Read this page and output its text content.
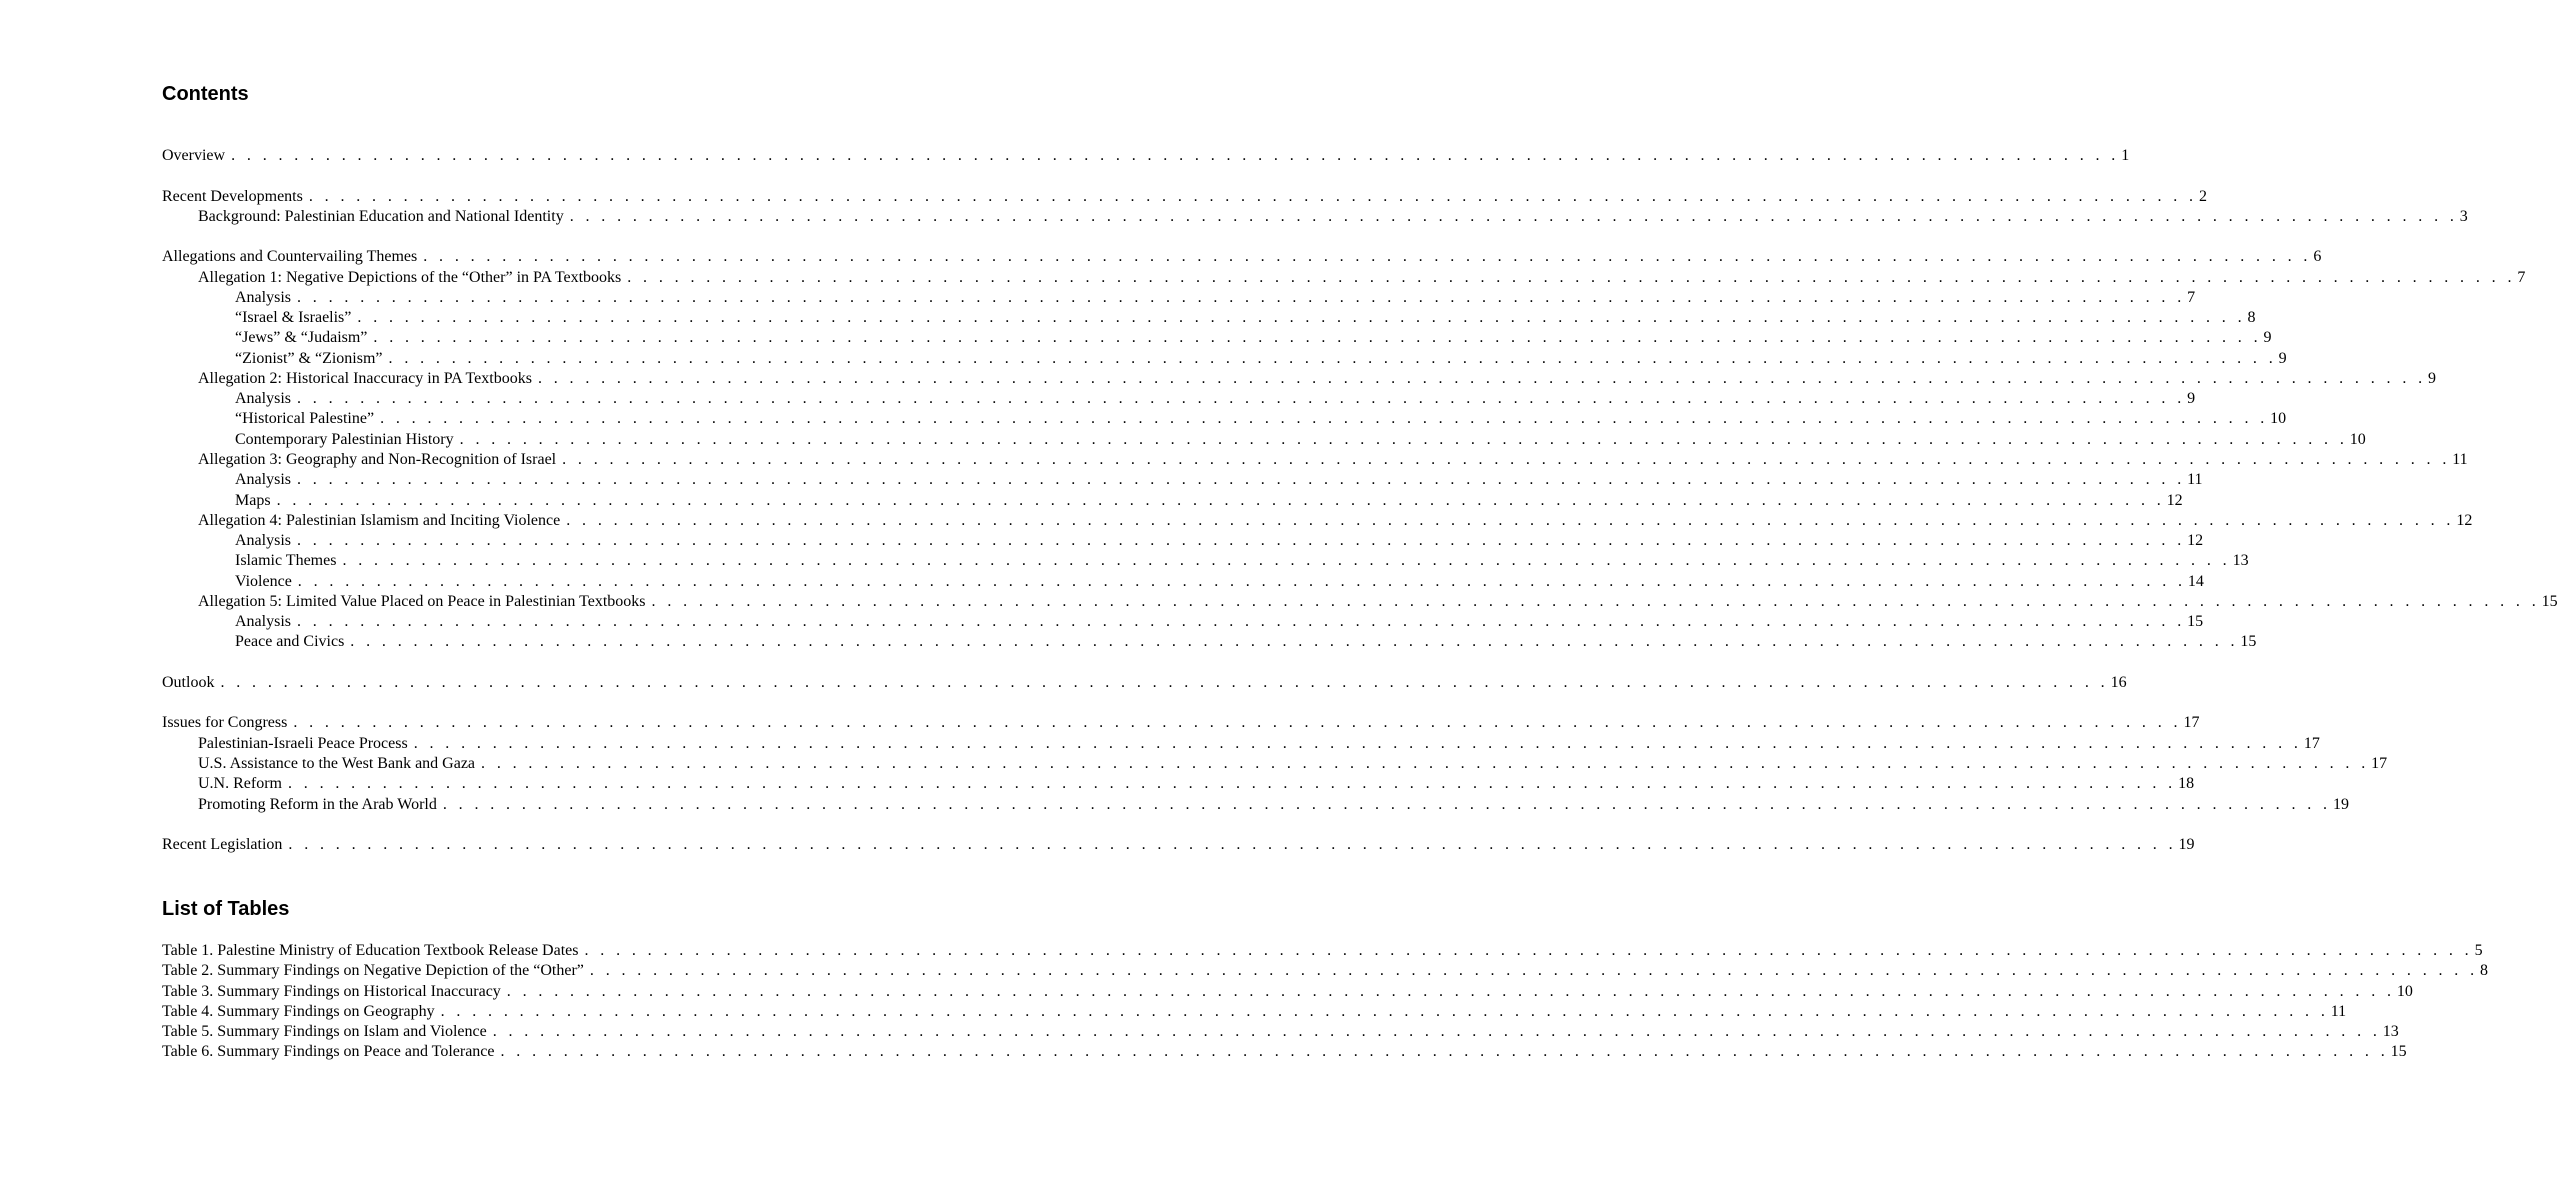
Contents
Overview . . . . . . . . . . . . . . . . . . . . . . . . . . . . . . . . . . . . . . . . . . . . . . . . . . . . . . . . . . . . . . . . . . . . . . . . . . . . . . . . . . . . . . . . . . . . . . . . . . . . . . . . . . . . . . . . . . . . . . . . 1
Recent Developments . . . . . . . . . . . . . . . . . . . . . . . . . . . . . . . . . . . . . . . . . . . . . . . . . . . . . . . . . . . . . . . . . . . . . . . . . . . . . . . . . . . . . . . . . . . . . . . . . . . . . . . . . . . . . . . . . . . . . . . . 2
Background: Palestinian Education and National Identity . . . . . . . . . . . . . . . . . . . . . . . . . . . . . . . . . . . . . . . . . . . . . . . . . . . . . . . . . . . . . . . . . . . . . . . . . . . . . . . . . . . . . . . . . . . . . . . . . . . . . . . . . . . . . . . . . . . . . . . . 3
Allegations and Countervailing Themes . . . . . . . . . . . . . . . . . . . . . . . . . . . . . . . . . . . . . . . . . . . . . . . . . . . . . . . . . . . . . . . . . . . . . . . . . . . . . . . . . . . . . . . . . . . . . . . . . . . . . . . . . . . . . . . . . . . . . . . . 6
Allegation 1: Negative Depictions of the “Other” in PA Textbooks . . . . . . . . . . . . . . . . . . . . . . . . . . . . . . . . . . . . . . . . . . . . . . . . . . . . . . . . . . . . . . . . . . . . . . . . . . . . . . . . . . . . . . . . . . . . . . . . . . . . . . . . . . . . . . . . . . . . . . . . 7
Analysis . . . . . . . . . . . . . . . . . . . . . . . . . . . . . . . . . . . . . . . . . . . . . . . . . . . . . . . . . . . . . . . . . . . . . . . . . . . . . . . . . . . . . . . . . . . . . . . . . . . . . . . . . . . . . . . . . . . . . . . . 7
“Israel & Israelis” . . . . . . . . . . . . . . . . . . . . . . . . . . . . . . . . . . . . . . . . . . . . . . . . . . . . . . . . . . . . . . . . . . . . . . . . . . . . . . . . . . . . . . . . . . . . . . . . . . . . . . . . . . . . . . . . . . . . . . . . 8
“Jews” & “Judaism” . . . . . . . . . . . . . . . . . . . . . . . . . . . . . . . . . . . . . . . . . . . . . . . . . . . . . . . . . . . . . . . . . . . . . . . . . . . . . . . . . . . . . . . . . . . . . . . . . . . . . . . . . . . . . . . . . . . . . . . . 9
“Zionist” & “Zionism” . . . . . . . . . . . . . . . . . . . . . . . . . . . . . . . . . . . . . . . . . . . . . . . . . . . . . . . . . . . . . . . . . . . . . . . . . . . . . . . . . . . . . . . . . . . . . . . . . . . . . . . . . . . . . . . . . . . . . . . . 9
Allegation 2: Historical Inaccuracy in PA Textbooks . . . . . . . . . . . . . . . . . . . . . . . . . . . . . . . . . . . . . . . . . . . . . . . . . . . . . . . . . . . . . . . . . . . . . . . . . . . . . . . . . . . . . . . . . . . . . . . . . . . . . . . . . . . . . . . . . . . . . . . . 9
Analysis . . . . . . . . . . . . . . . . . . . . . . . . . . . . . . . . . . . . . . . . . . . . . . . . . . . . . . . . . . . . . . . . . . . . . . . . . . . . . . . . . . . . . . . . . . . . . . . . . . . . . . . . . . . . . . . . . . . . . . . . 9
“Historical Palestine” . . . . . . . . . . . . . . . . . . . . . . . . . . . . . . . . . . . . . . . . . . . . . . . . . . . . . . . . . . . . . . . . . . . . . . . . . . . . . . . . . . . . . . . . . . . . . . . . . . . . . . . . . . . . . . . . . . . . . . . . 10
Contemporary Palestinian History . . . . . . . . . . . . . . . . . . . . . . . . . . . . . . . . . . . . . . . . . . . . . . . . . . . . . . . . . . . . . . . . . . . . . . . . . . . . . . . . . . . . . . . . . . . . . . . . . . . . . . . . . . . . . . . . . . . . . . . . 10
Allegation 3: Geography and Non-Recognition of Israel . . . . . . . . . . . . . . . . . . . . . . . . . . . . . . . . . . . . . . . . . . . . . . . . . . . . . . . . . . . . . . . . . . . . . . . . . . . . . . . . . . . . . . . . . . . . . . . . . . . . . . . . . . . . . . . . . . . . . . . . 11
Analysis . . . . . . . . . . . . . . . . . . . . . . . . . . . . . . . . . . . . . . . . . . . . . . . . . . . . . . . . . . . . . . . . . . . . . . . . . . . . . . . . . . . . . . . . . . . . . . . . . . . . . . . . . . . . . . . . . . . . . . . . 11
Maps . . . . . . . . . . . . . . . . . . . . . . . . . . . . . . . . . . . . . . . . . . . . . . . . . . . . . . . . . . . . . . . . . . . . . . . . . . . . . . . . . . . . . . . . . . . . . . . . . . . . . . . . . . . . . . . . . . . . . . . . 12
Allegation 4: Palestinian Islamism and Inciting Violence . . . . . . . . . . . . . . . . . . . . . . . . . . . . . . . . . . . . . . . . . . . . . . . . . . . . . . . . . . . . . . . . . . . . . . . . . . . . . . . . . . . . . . . . . . . . . . . . . . . . . . . . . . . . . . . . . . . . . . . . 12
Analysis . . . . . . . . . . . . . . . . . . . . . . . . . . . . . . . . . . . . . . . . . . . . . . . . . . . . . . . . . . . . . . . . . . . . . . . . . . . . . . . . . . . . . . . . . . . . . . . . . . . . . . . . . . . . . . . . . . . . . . . . 12
Islamic Themes . . . . . . . . . . . . . . . . . . . . . . . . . . . . . . . . . . . . . . . . . . . . . . . . . . . . . . . . . . . . . . . . . . . . . . . . . . . . . . . . . . . . . . . . . . . . . . . . . . . . . . . . . . . . . . . . . . . . . . . . 13
Violence . . . . . . . . . . . . . . . . . . . . . . . . . . . . . . . . . . . . . . . . . . . . . . . . . . . . . . . . . . . . . . . . . . . . . . . . . . . . . . . . . . . . . . . . . . . . . . . . . . . . . . . . . . . . . . . . . . . . . . . . 14
Allegation 5: Limited Value Placed on Peace in Palestinian Textbooks . . . . . . . . . . . . . . . . . . . . . . . . . . . . . . . . . . . . . . . . . . . . . . . . . . . . . . . . . . . . . . . . . . . . . . . . . . . . . . . . . . . . . . . . . . . . . . . . . . . . . . . . . . . . . . . . . . . . . . . . 15
Analysis . . . . . . . . . . . . . . . . . . . . . . . . . . . . . . . . . . . . . . . . . . . . . . . . . . . . . . . . . . . . . . . . . . . . . . . . . . . . . . . . . . . . . . . . . . . . . . . . . . . . . . . . . . . . . . . . . . . . . . . . 15
Peace and Civics . . . . . . . . . . . . . . . . . . . . . . . . . . . . . . . . . . . . . . . . . . . . . . . . . . . . . . . . . . . . . . . . . . . . . . . . . . . . . . . . . . . . . . . . . . . . . . . . . . . . . . . . . . . . . . . . . . . . . . . . 15
Outlook . . . . . . . . . . . . . . . . . . . . . . . . . . . . . . . . . . . . . . . . . . . . . . . . . . . . . . . . . . . . . . . . . . . . . . . . . . . . . . . . . . . . . . . . . . . . . . . . . . . . . . . . . . . . . . . . . . . . . . . . 16
Issues for Congress . . . . . . . . . . . . . . . . . . . . . . . . . . . . . . . . . . . . . . . . . . . . . . . . . . . . . . . . . . . . . . . . . . . . . . . . . . . . . . . . . . . . . . . . . . . . . . . . . . . . . . . . . . . . . . . . . . . . . . . . 17
Palestinian-Israeli Peace Process . . . . . . . . . . . . . . . . . . . . . . . . . . . . . . . . . . . . . . . . . . . . . . . . . . . . . . . . . . . . . . . . . . . . . . . . . . . . . . . . . . . . . . . . . . . . . . . . . . . . . . . . . . . . . . . . . . . . . . . . 17
U.S. Assistance to the West Bank and Gaza . . . . . . . . . . . . . . . . . . . . . . . . . . . . . . . . . . . . . . . . . . . . . . . . . . . . . . . . . . . . . . . . . . . . . . . . . . . . . . . . . . . . . . . . . . . . . . . . . . . . . . . . . . . . . . . . . . . . . . . . 17
U.N. Reform . . . . . . . . . . . . . . . . . . . . . . . . . . . . . . . . . . . . . . . . . . . . . . . . . . . . . . . . . . . . . . . . . . . . . . . . . . . . . . . . . . . . . . . . . . . . . . . . . . . . . . . . . . . . . . . . . . . . . . . . 18
Promoting Reform in the Arab World . . . . . . . . . . . . . . . . . . . . . . . . . . . . . . . . . . . . . . . . . . . . . . . . . . . . . . . . . . . . . . . . . . . . . . . . . . . . . . . . . . . . . . . . . . . . . . . . . . . . . . . . . . . . . . . . . . . . . . . . 19
Recent Legislation . . . . . . . . . . . . . . . . . . . . . . . . . . . . . . . . . . . . . . . . . . . . . . . . . . . . . . . . . . . . . . . . . . . . . . . . . . . . . . . . . . . . . . . . . . . . . . . . . . . . . . . . . . . . . . . . . . . . . . . . 19
List of Tables
Table 1. Palestine Ministry of Education Textbook Release Dates . . . . . . . . . . . . . . . . . . . . . . . . . . . . . . . . . . . . . . . . . . . . . . . . . . . . . . . . . . . . . . . . . . . . . . . . . . . . . . . . . . . . . . . . . . . . . . . . . . . . . . . . . . . . . . . . . . . . . . . . 5
Table 2. Summary Findings on Negative Depiction of the “Other” . . . . . . . . . . . . . . . . . . . . . . . . . . . . . . . . . . . . . . . . . . . . . . . . . . . . . . . . . . . . . . . . . . . . . . . . . . . . . . . . . . . . . . . . . . . . . . . . . . . . . . . . . . . . . . . . . . . . . . . . 8
Table 3. Summary Findings on Historical Inaccuracy . . . . . . . . . . . . . . . . . . . . . . . . . . . . . . . . . . . . . . . . . . . . . . . . . . . . . . . . . . . . . . . . . . . . . . . . . . . . . . . . . . . . . . . . . . . . . . . . . . . . . . . . . . . . . . . . . . . . . . . . 10
Table 4. Summary Findings on Geography . . . . . . . . . . . . . . . . . . . . . . . . . . . . . . . . . . . . . . . . . . . . . . . . . . . . . . . . . . . . . . . . . . . . . . . . . . . . . . . . . . . . . . . . . . . . . . . . . . . . . . . . . . . . . . . . . . . . . . . . 11
Table 5. Summary Findings on Islam and Violence . . . . . . . . . . . . . . . . . . . . . . . . . . . . . . . . . . . . . . . . . . . . . . . . . . . . . . . . . . . . . . . . . . . . . . . . . . . . . . . . . . . . . . . . . . . . . . . . . . . . . . . . . . . . . . . . . . . . . . . . 13
Table 6. Summary Findings on Peace and Tolerance . . . . . . . . . . . . . . . . . . . . . . . . . . . . . . . . . . . . . . . . . . . . . . . . . . . . . . . . . . . . . . . . . . . . . . . . . . . . . . . . . . . . . . . . . . . . . . . . . . . . . . . . . . . . . . . . . . . . . . . . 15
